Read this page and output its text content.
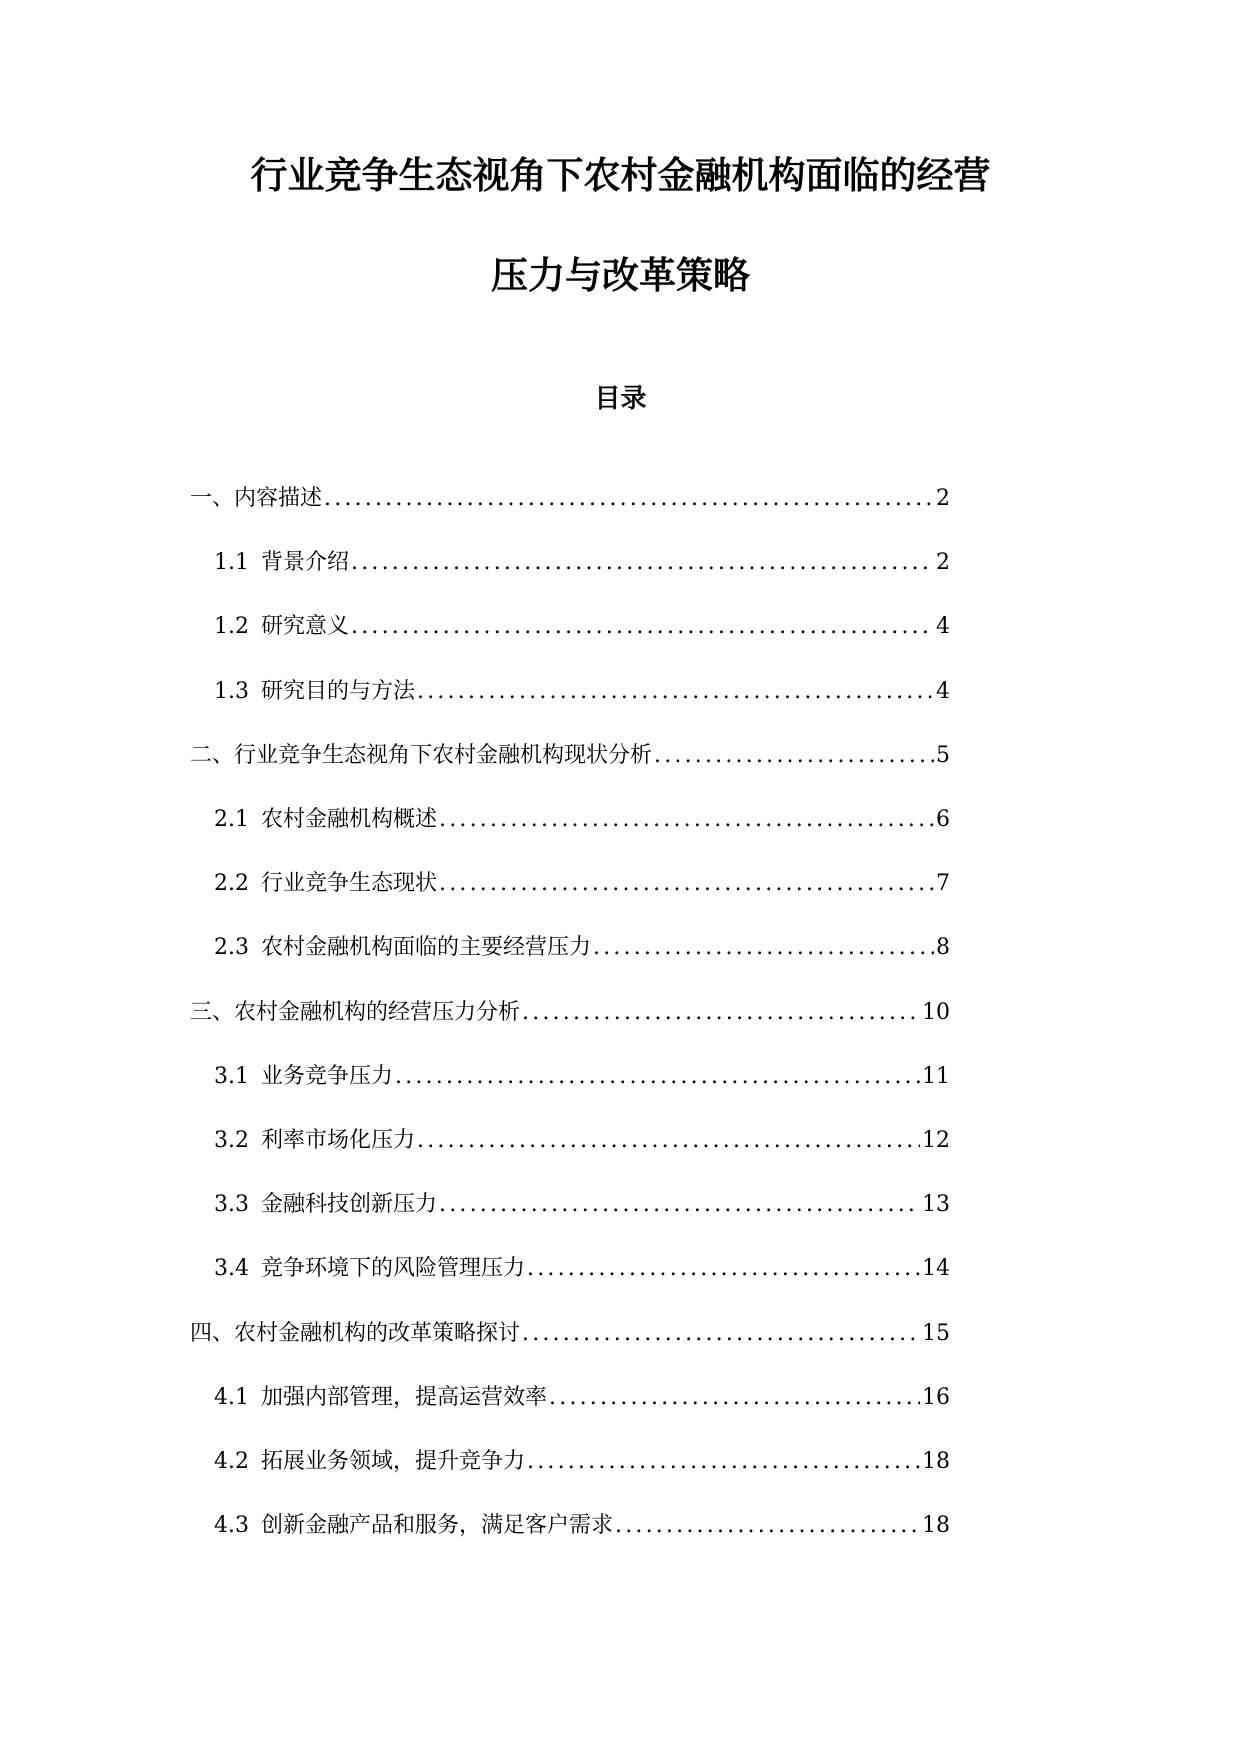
行业竞争生态视角下农村金融机构面临的经营
压力与改革策略
目录
一、内容描述 .....	2
1.1 背景介绍 .....	2
1.2 研究意义 .....	4
1.3 研究目的与方法 .....	4
二、行业竞争生态视角下农村金融机构现状分析 .....	5
2.1 农村金融机构概述 .....	6
2.2 行业竞争生态现状 .....	7
2.3 农村金融机构面临的主要经营压力 .....	8
三、农村金融机构的经营压力分析 .....	10
3.1 业务竞争压力 .....	11
3.2 利率市场化压力 .....	12
3.3 金融科技创新压力 .....	13
3.4 竞争环境下的风险管理压力 .....	14
四、农村金融机构的改革策略探讨 .....	15
4.1 加强内部管理，提高运营效率 .....	16
4.2 拓展业务领域，提升竞争力 .....	18
4.3 创新金融产品和服务，满足客户需求 .....	18
